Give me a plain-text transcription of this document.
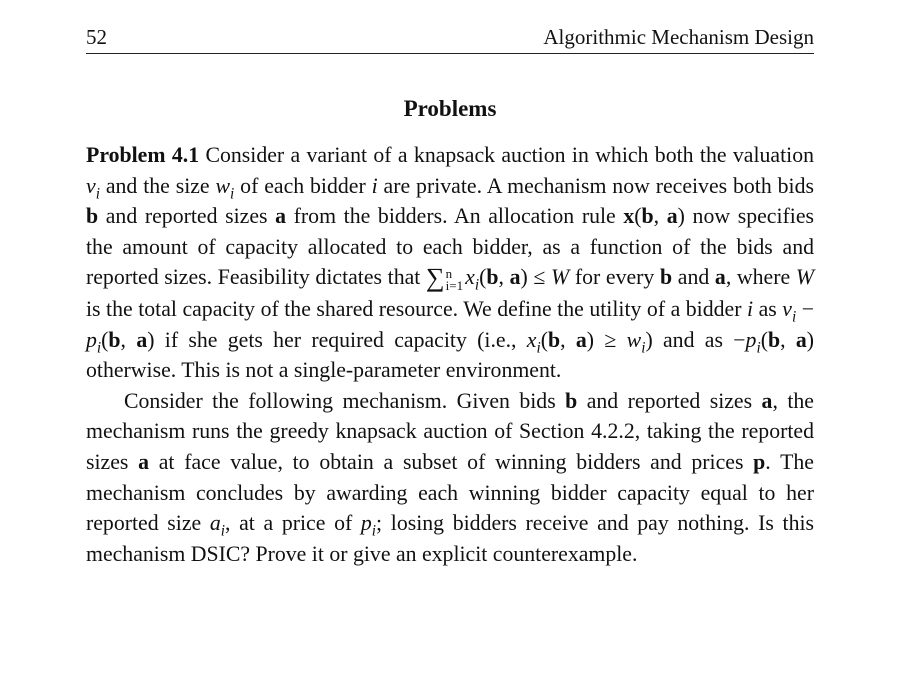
52	Algorithmic Mechanism Design
Problems

Problem 4.1 Consider a variant of a knapsack auction in which both the valuation $v_i$ and the size $w_i$ of each bidder i are private. A mechanism now receives both bids b and reported sizes a from the bidders. An allocation rule x(b, a) now specifies the amount of capacity allocated to each bidder, as a function of the bids and reported sizes. Feasibility dictates that ∑ n
i=1 $x_i(b$, a) ≤ W for every b and a, where W is the total capacity of the shared resource. We define the utility of a bidder i as $v_i - p_i(b$, a) if she gets her required capacity (i.e., $x_i(b$, $a) \ge w_i$) and as $-p_i(b$, a) otherwise. This is not a single-parameter environment.

Consider the following mechanism. Given bids b and reported sizes a, the mechanism runs the greedy knapsack auction of Section 4.2.2, taking the reported sizes a at face value, to obtain a subset of winning bidders and prices p. The mechanism concludes by awarding each winning bidder capacity equal to her reported size $a_i$, at a price of $p_i$; losing bidders receive and pay nothing. Is this mechanism DSIC? Prove it or give an explicit counterexample.
